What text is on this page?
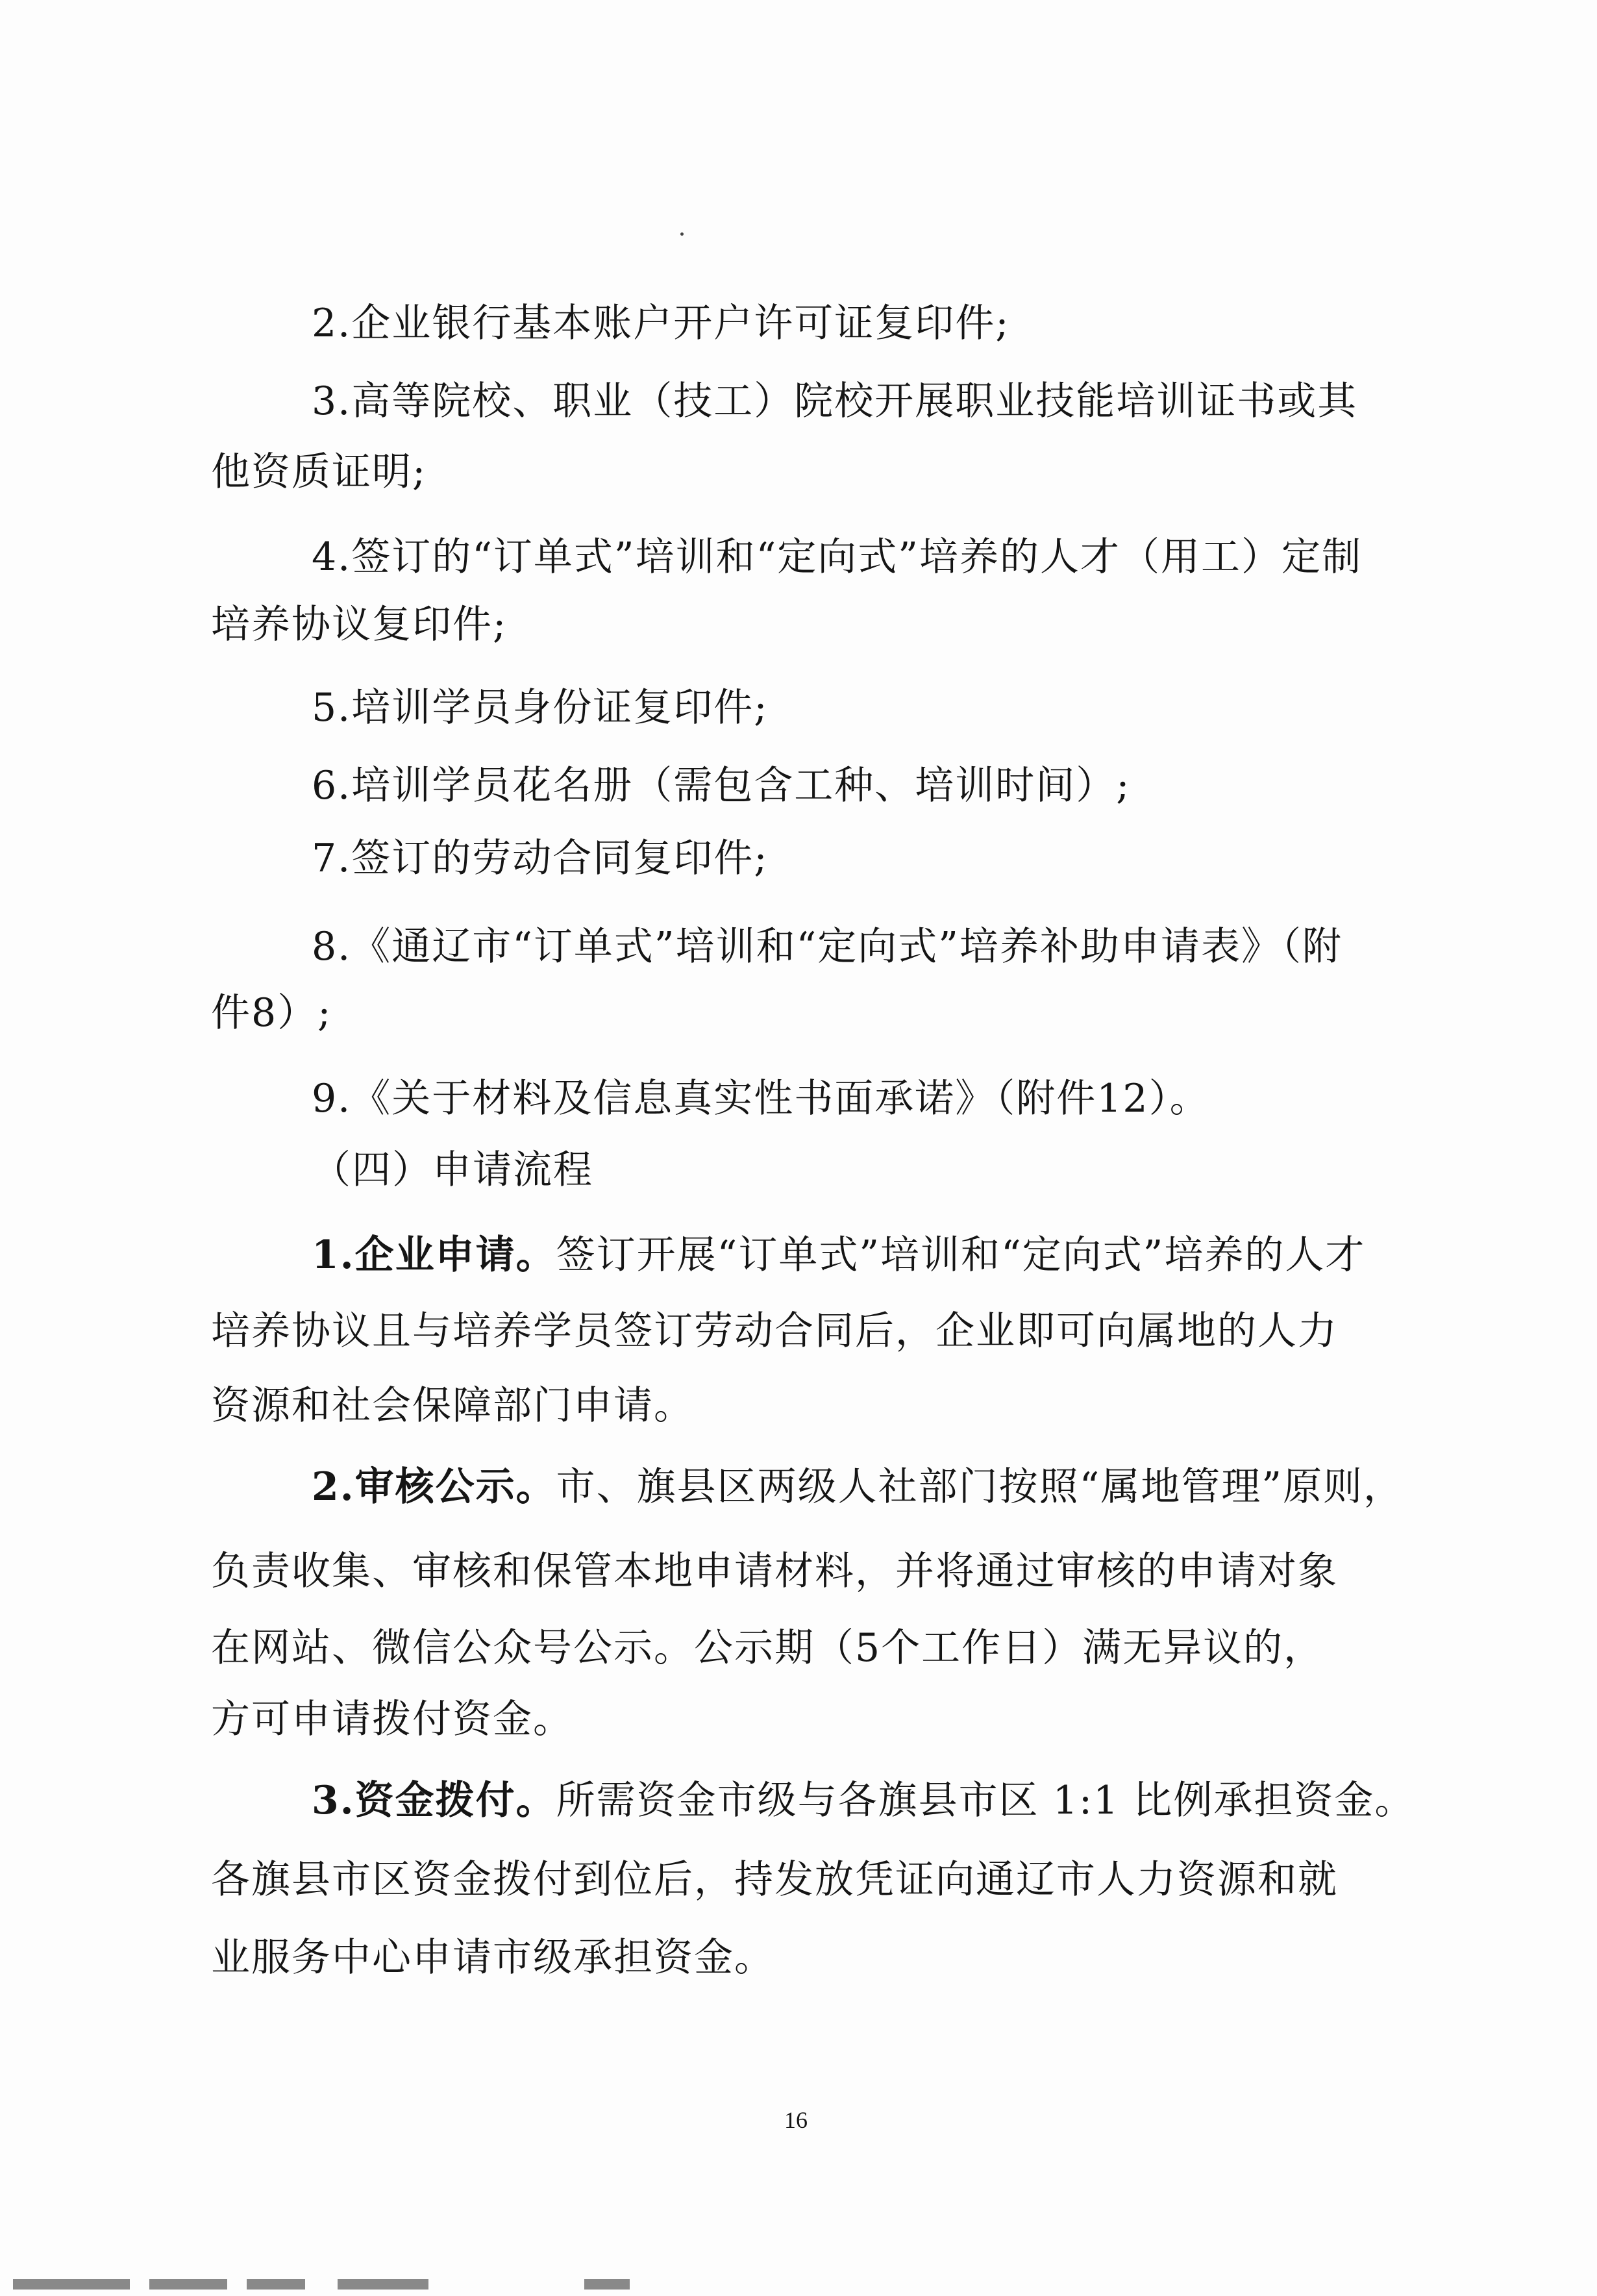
2.企业银行基本账户开户许可证复印件;
3.高等院校、职业（技工）院校开展职业技能培训证书或其
他资质证明;
4.签订的“订单式”培训和“定向式”培养的人才（用工）定制
培养协议复印件;
5.培训学员身份证复印件;
6.培训学员花名册（需包含工种、培训时间）;
7.签订的劳动合同复印件;
8.《通辽市“订单式”培训和“定向式”培养补助申请表》（附
件8）;
9.《关于材料及信息真实性书面承诺》（附件12）。
（四）申请流程
1.企业申请。签订开展“订单式”培训和“定向式”培养的人才
培养协议且与培养学员签订劳动合同后，企业即可向属地的人力
资源和社会保障部门申请。
2.审核公示。市、旗县区两级人社部门按照“属地管理”原则，
负责收集、审核和保管本地申请材料，并将通过审核的申请对象
在网站、微信公众号公示。公示期（5个工作日）满无异议的，
方可申请拨付资金。
3.资金拨付。所需资金市级与各旗县市区 1:1 比例承担资金。
各旗县市区资金拨付到位后，持发放凭证向通辽市人力资源和就
业服务中心申请市级承担资金。
16
